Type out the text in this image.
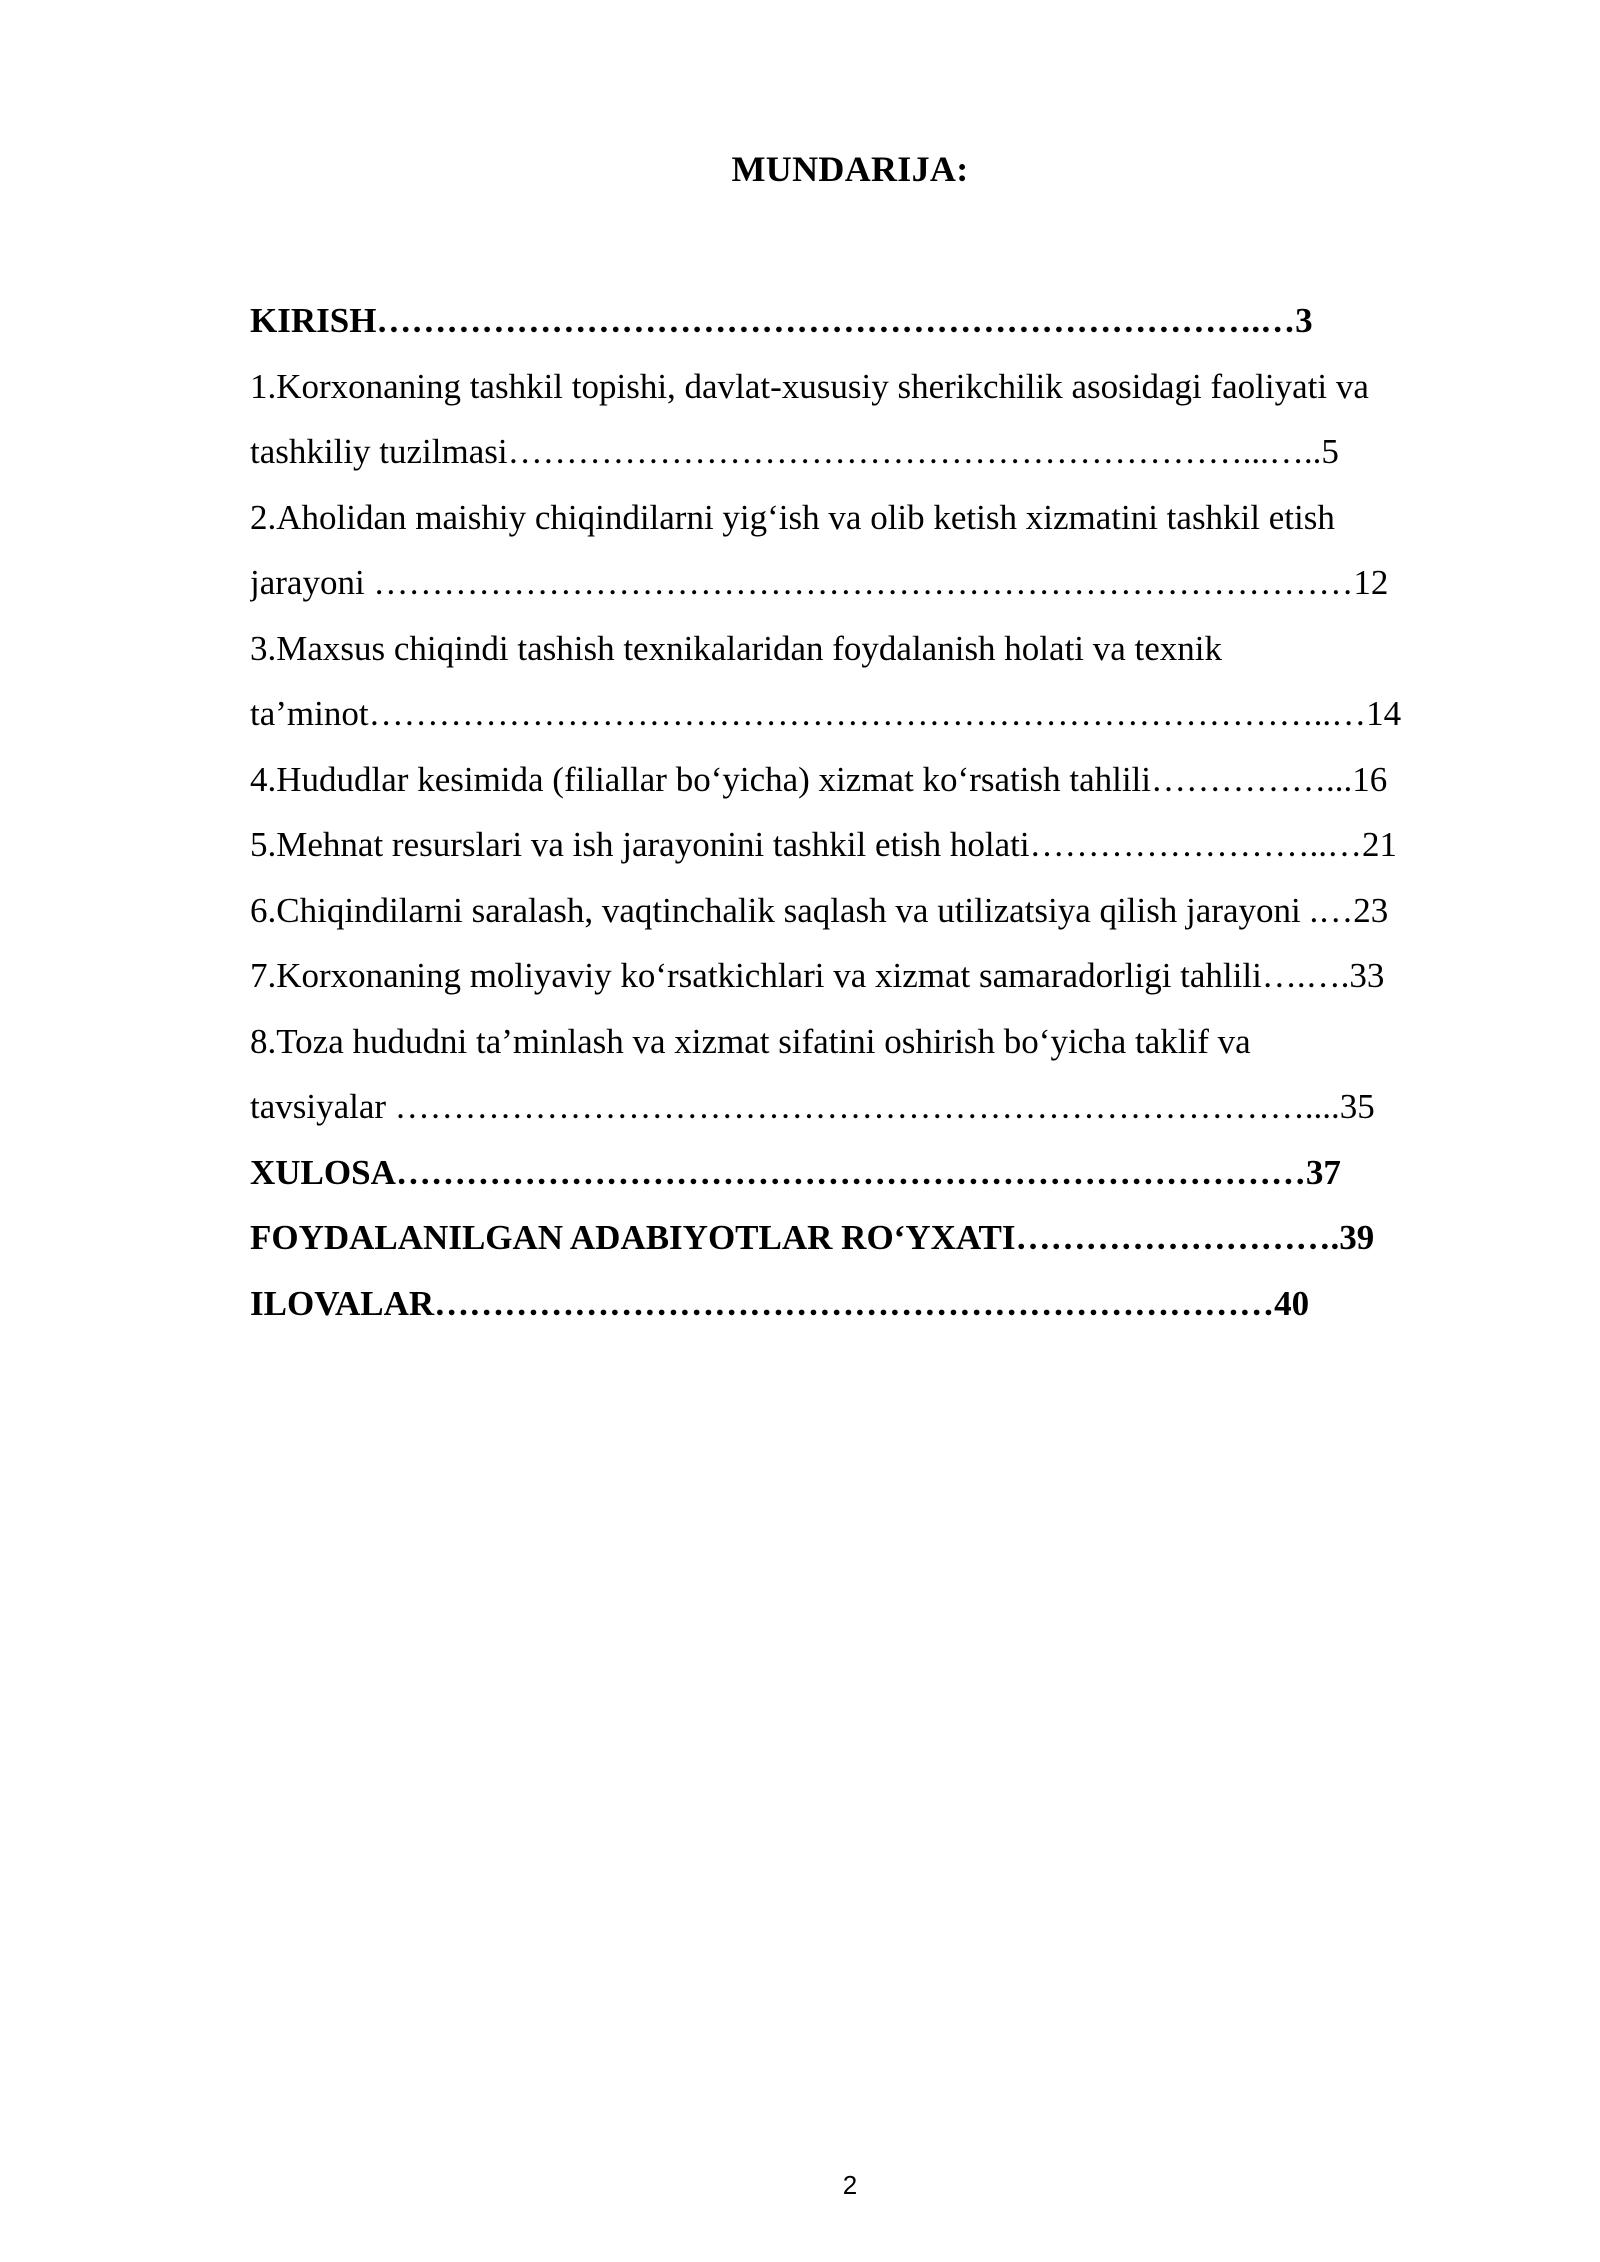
MUNDARIJA:
KIRISH………………………………………………………………….…3
1.Korxonaning tashkil topishi, davlat-xususiy sherikchilik asosidagi faoliyati va
tashkiliy tuzilmasi………………………………………………………...…..5
2.Aholidan maishiy chiqindilarni yig‘ish va olib ketish xizmatini tashkil etish
jarayoni …………………………………………………………………………12
3.Maxsus chiqindi tashish texnikalaridan foydalanish holati va texnik
ta’minot………………………………………………………………………..…14
4.Hududlar kesimida (filiallar bo‘yicha) xizmat ko‘rsatish tahlili……………...16
5.Mehnat resurslari va ish jarayonini tashkil etish holati……………………..…21
6.Chiqindilarni saralash, vaqtinchalik saqlash va utilizatsiya qilish jarayoni .…23
7.Korxonaning moliyaviy ko‘rsatkichlari va xizmat samaradorligi tahlili….….33
8.Toza hududni ta’minlash va xizmat sifatini oshirish bo‘yicha taklif va
tavsiyalar ……………………………………………………………………....35
XULOSA……………………………………………………………………37
FOYDALANILGAN ADABIYOTLAR RO‘YXATI……………………….39
ILOVALAR………………………………………………………………40
2
